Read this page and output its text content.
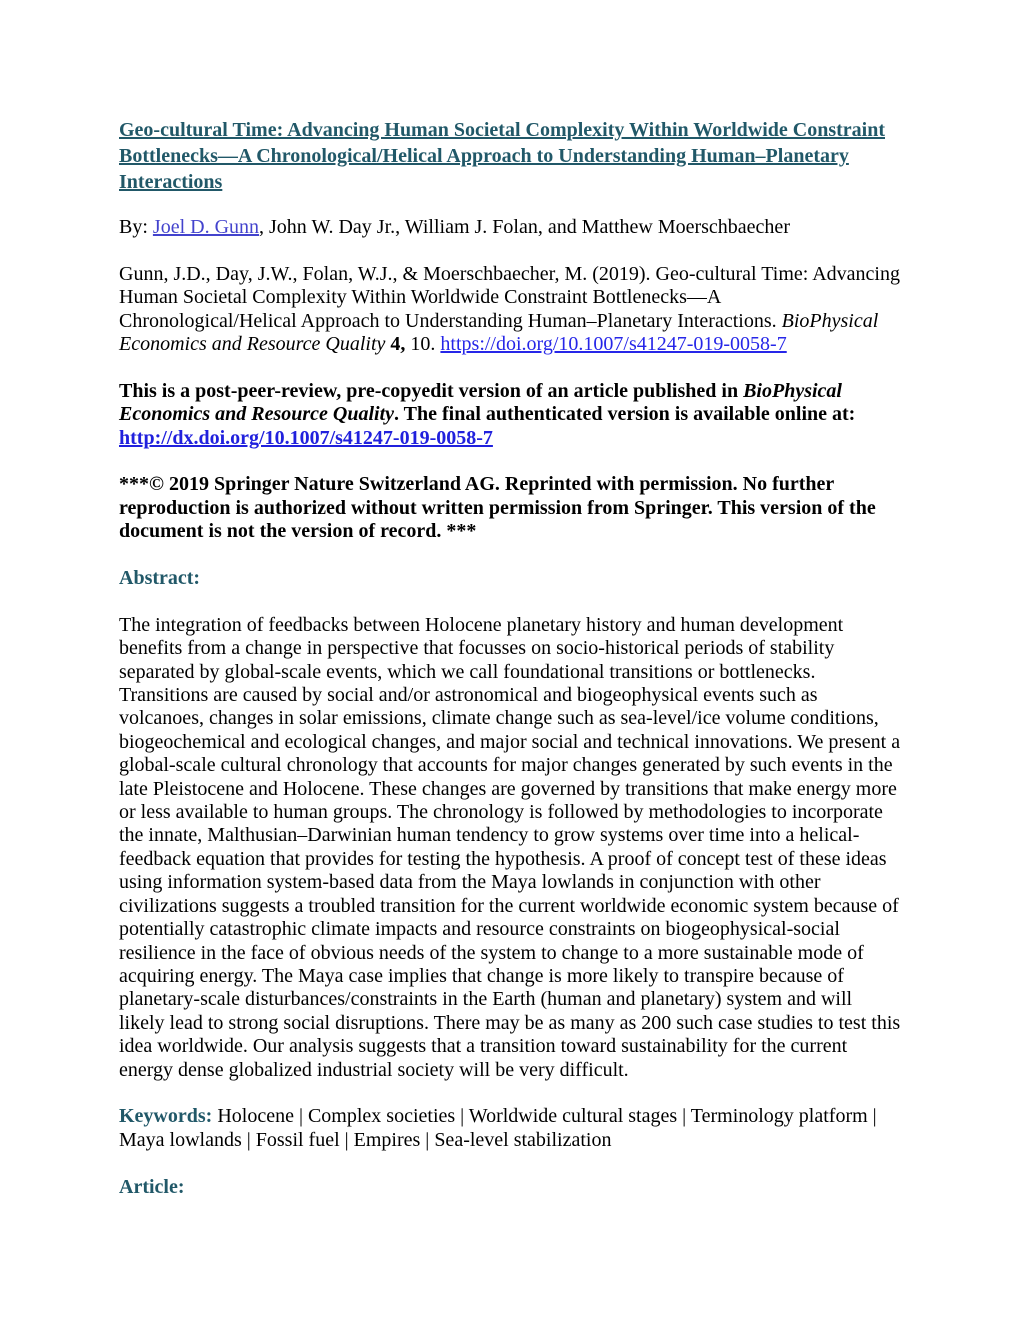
Geo-cultural Time: Advancing Human Societal Complexity Within Worldwide Constraint Bottlenecks—A Chronological/Helical Approach to Understanding Human–Planetary Interactions

By: Joel D. Gunn, John W. Day Jr., William J. Folan, and Matthew Moerschbaecher

Gunn, J.D., Day, J.W., Folan, W.J., & Moerschbaecher, M. (2019). Geo-cultural Time: Advancing Human Societal Complexity Within Worldwide Constraint Bottlenecks—A Chronological/Helical Approach to Understanding Human–Planetary Interactions. BioPhysical Economics and Resource Quality 4, 10. https://doi.org/10.1007/s41247-019-0058-7

This is a post-peer-review, pre-copyedit version of an article published in BioPhysical Economics and Resource Quality. The final authenticated version is available online at: http://dx.doi.org/10.1007/s41247-019-0058-7

***© 2019 Springer Nature Switzerland AG. Reprinted with permission. No further reproduction is authorized without written permission from Springer. This version of the document is not the version of record. ***

Abstract:

The integration of feedbacks between Holocene planetary history and human development benefits from a change in perspective that focusses on socio-historical periods of stability separated by global-scale events, which we call foundational transitions or bottlenecks. Transitions are caused by social and/or astronomical and biogeophysical events such as volcanoes, changes in solar emissions, climate change such as sea-level/ice volume conditions, biogeochemical and ecological changes, and major social and technical innovations. We present a global-scale cultural chronology that accounts for major changes generated by such events in the late Pleistocene and Holocene. These changes are governed by transitions that make energy more or less available to human groups. The chronology is followed by methodologies to incorporate the innate, Malthusian–Darwinian human tendency to grow systems over time into a helical-feedback equation that provides for testing the hypothesis. A proof of concept test of these ideas using information system-based data from the Maya lowlands in conjunction with other civilizations suggests a troubled transition for the current worldwide economic system because of potentially catastrophic climate impacts and resource constraints on biogeophysical-social resilience in the face of obvious needs of the system to change to a more sustainable mode of acquiring energy. The Maya case implies that change is more likely to transpire because of planetary-scale disturbances/constraints in the Earth (human and planetary) system and will likely lead to strong social disruptions. There may be as many as 200 such case studies to test this idea worldwide. Our analysis suggests that a transition toward sustainability for the current energy dense globalized industrial society will be very difficult.

Keywords: Holocene | Complex societies | Worldwide cultural stages | Terminology platform | Maya lowlands | Fossil fuel | Empires | Sea-level stabilization

Article:
